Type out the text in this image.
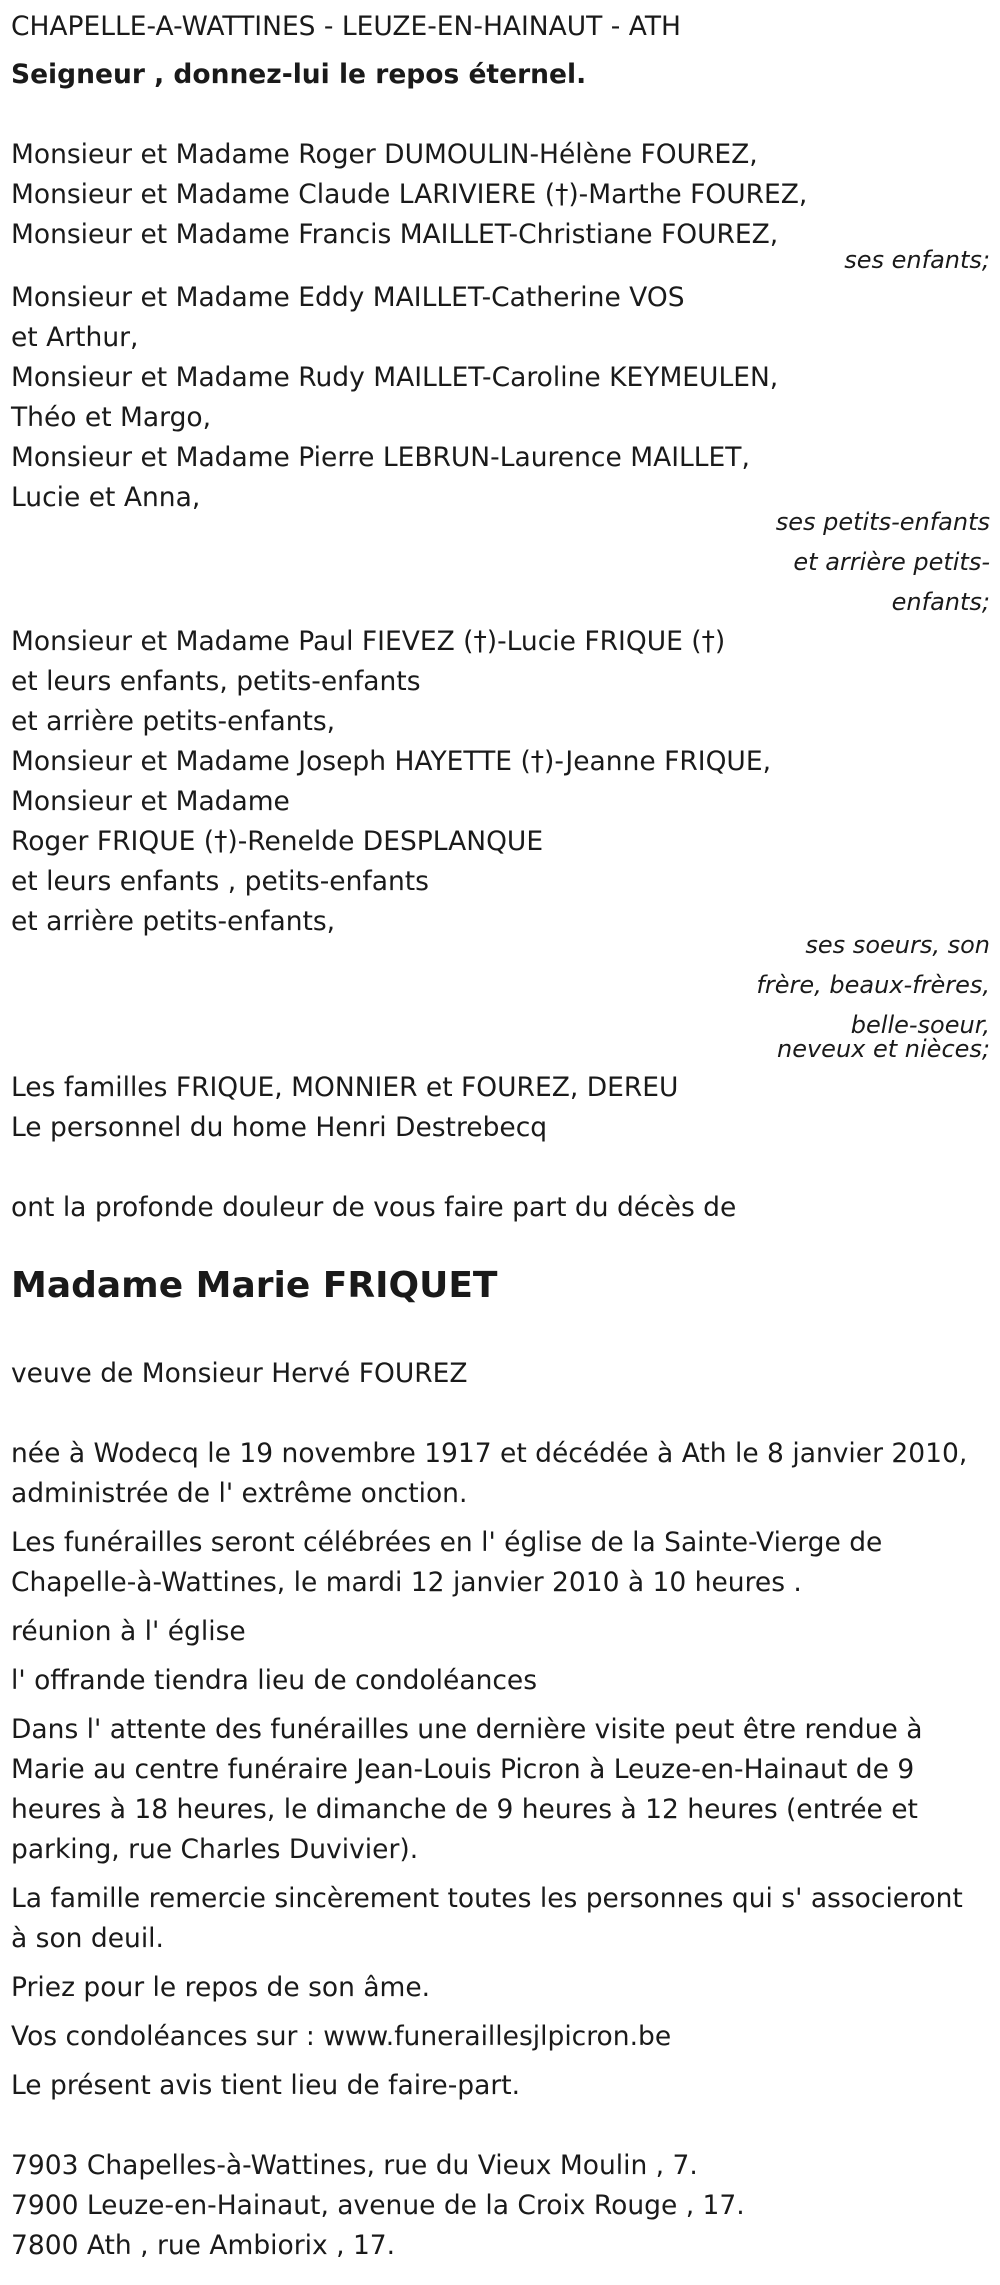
CHAPELLE-A-WATTINES - LEUZE-EN-HAINAUT - ATH
Seigneur , donnez-lui le repos éternel.
Monsieur et Madame Roger DUMOULIN-Hélène FOUREZ,
Monsieur et Madame Claude LARIVIERE (†)-Marthe FOUREZ,
Monsieur et Madame Francis MAILLET-Christiane FOUREZ,
ses enfants;
Monsieur et Madame Eddy MAILLET-Catherine VOS
et Arthur,
Monsieur et Madame Rudy MAILLET-Caroline KEYMEULEN,
Théo et Margo,
Monsieur et Madame Pierre LEBRUN-Laurence MAILLET,
Lucie et Anna,
ses petits-enfants
et arrière petits-
enfants;
Monsieur et Madame Paul FIEVEZ (†)-Lucie FRIQUE (†)
et leurs enfants, petits-enfants
et arrière petits-enfants,
Monsieur et Madame Joseph HAYETTE (†)-Jeanne FRIQUE,
Monsieur et Madame
Roger FRIQUE (†)-Renelde DESPLANQUE
et leurs enfants , petits-enfants
et arrière petits-enfants,
ses soeurs, son
frère, beaux-frères,
belle-soeur,
neveux et nièces;
Les familles FRIQUE, MONNIER et FOUREZ, DEREU
Le personnel du home Henri Destrebecq
ont la profonde douleur de vous faire part du décès de
Madame Marie FRIQUET
veuve de Monsieur Hervé FOUREZ
née à Wodecq le 19 novembre 1917 et décédée à Ath le 8 janvier 2010,
administrée de l' extrême onction.
Les funérailles seront célébrées en l' église de la Sainte-Vierge de
Chapelle-à-Wattines, le mardi 12 janvier 2010 à 10 heures .
réunion à l' église
l' offrande tiendra lieu de condoléances
Dans l' attente des funérailles une dernière visite peut être rendue à
Marie au centre funéraire Jean-Louis Picron à Leuze-en-Hainaut de 9
heures à 18 heures, le dimanche de 9 heures à 12 heures (entrée et
parking, rue Charles Duvivier).
La famille remercie sincèrement toutes les personnes qui s' associeront
à son deuil.
Priez pour le repos de son âme.
Vos condoléances sur : www.funeraillesjlpicron.be
Le présent avis tient lieu de faire-part.
7903 Chapelles-à-Wattines, rue du Vieux Moulin , 7.
7900 Leuze-en-Hainaut, avenue de la Croix Rouge , 17.
7800 Ath , rue Ambiorix , 17.
